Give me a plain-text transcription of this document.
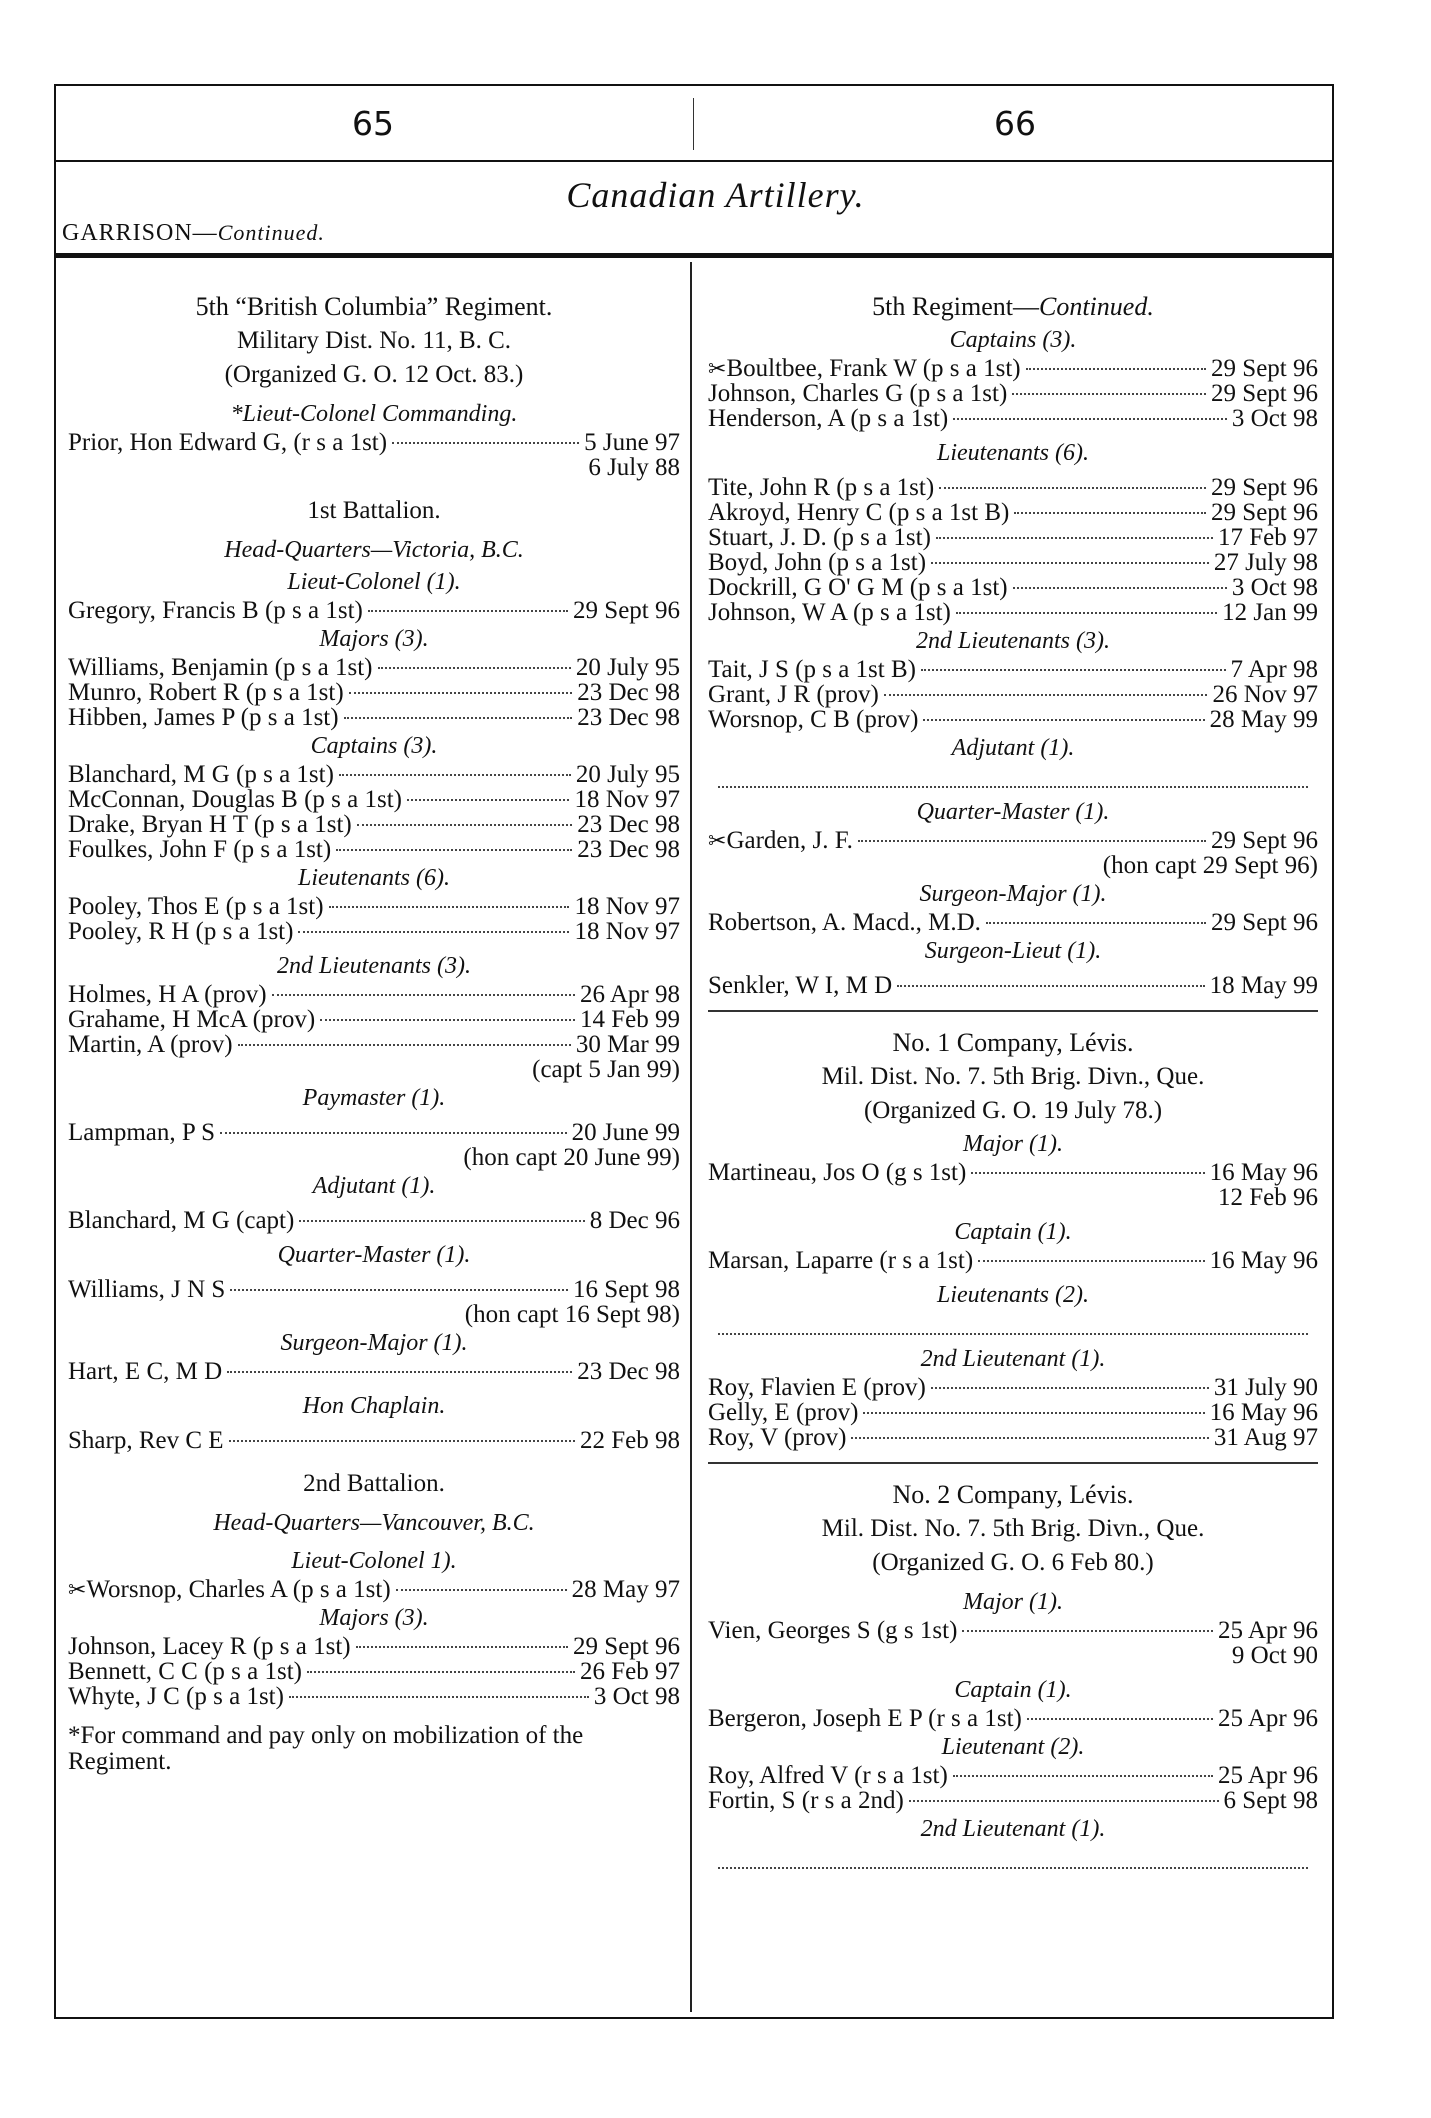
65	66
Canadian Artillery.
GARRISON—Continued.
5th “British Columbia” Regiment.
Military Dist. No. 11, B. C.
(Organized G. O. 12 Oct. 83.)
*Lieut-Colonel Commanding.
Prior, Hon Edward G, (r s a 1st)	5 June 97
6 July 88
1st Battalion.
Head-Quarters—Victoria, B.C.
Lieut-Colonel (1).
Gregory, Francis B (p s a 1st)	29 Sept 96
Majors (3).
Williams, Benjamin (p s a 1st)	20 July 95
Munro, Robert R (p s a 1st)	23 Dec 98
Hibben, James P (p s a 1st)	23 Dec 98
Captains (3).
Blanchard, M G (p s a 1st)	20 July 95
McConnan, Douglas B (p s a 1st)	18 Nov 97
Drake, Bryan H T (p s a 1st)	23 Dec 98
Foulkes, John F (p s a 1st)	23 Dec 98
Lieutenants (6).
Pooley, Thos E (p s a 1st)	18 Nov 97
Pooley, R H (p s a 1st)	18 Nov 97
2nd Lieutenants (3).
Holmes, H A (prov)	26 Apr 98
Grahame, H McA (prov)	14 Feb 99
Martin, A (prov)	30 Mar 99
(capt 5 Jan 99)
Paymaster (1).
Lampman, P S	20 June 99
(hon capt 20 June 99)
Adjutant (1).
Blanchard, M G (capt)	8 Dec 96
Quarter-Master (1).
Williams, J N S	16 Sept 98
(hon capt 16 Sept 98)
Surgeon-Major (1).
Hart, E C, M D	23 Dec 98
Hon Chaplain.
Sharp, Rev C E	22 Feb 98
2nd Battalion.
Head-Quarters—Vancouver, B.C.
Lieut-Colonel 1).
✂Worsnop, Charles A (p s a 1st)	28 May 97
Majors (3).
Johnson, Lacey R (p s a 1st)	29 Sept 96
Bennett, C C (p s a 1st)	26 Feb 97
Whyte, J C (p s a 1st)	3 Oct 98
*For command and pay only on mobilization of the Regiment.
5th Regiment—Continued.
Captains (3).
✂Boultbee, Frank W (p s a 1st)	29 Sept 96
Johnson, Charles G (p s a 1st)	29 Sept 96
Henderson, A (p s a 1st)	3 Oct 98
Lieutenants (6).
Tite, John R (p s a 1st)	29 Sept 96
Akroyd, Henry C (p s a 1st B)	29 Sept 96
Stuart, J. D. (p s a 1st)	17 Feb 97
Boyd, John (p s a 1st)	27 July 98
Dockrill, G O' G M (p s a 1st)	3 Oct 98
Johnson, W A (p s a 1st)	12 Jan 99
2nd Lieutenants (3).
Tait, J S (p s a 1st B)	7 Apr 98
Grant, J R (prov)	26 Nov 97
Worsnop, C B (prov)	28 May 99
Adjutant (1).
Quarter-Master (1).
✂Garden, J. F.	29 Sept 96
(hon capt 29 Sept 96)
Surgeon-Major (1).
Robertson, A. Macd., M.D.	29 Sept 96
Surgeon-Lieut (1).
Senkler, W I, M D	18 May 99
No. 1 Company, Lévis.
Mil. Dist. No. 7. 5th Brig. Divn., Que.
(Organized G. O. 19 July 78.)
Major (1).
Martineau, Jos O (g s 1st)	16 May 96
12 Feb 96
Captain (1).
Marsan, Laparre (r s a 1st)	16 May 96
Lieutenants (2).
2nd Lieutenant (1).
Roy, Flavien E (prov)	31 July 90
Gelly, E (prov)	16 May 96
Roy, V (prov)	31 Aug 97
No. 2 Company, Lévis.
Mil. Dist. No. 7. 5th Brig. Divn., Que.
(Organized G. O. 6 Feb 80.)
Major (1).
Vien, Georges S (g s 1st)	25 Apr 96
9 Oct 90
Captain (1).
Bergeron, Joseph E P (r s a 1st)	25 Apr 96
Lieutenant (2).
Roy, Alfred V (r s a 1st)	25 Apr 96
Fortin, S (r s a 2nd)	6 Sept 98
2nd Lieutenant (1).
